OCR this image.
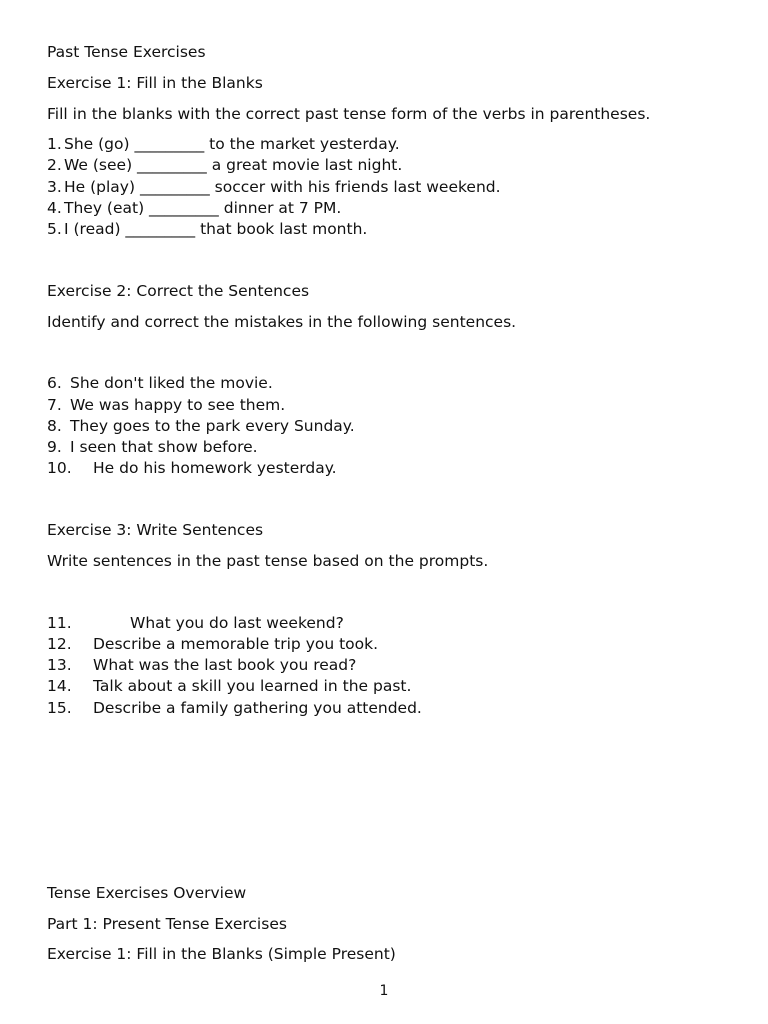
Past Tense Exercises
Exercise 1: Fill in the Blanks
Fill in the blanks with the correct past tense form of the verbs in parentheses.
1. She (go) _________ to the market yesterday.
2. We (see) _________ a great movie last night.
3. He (play) _________ soccer with his friends last weekend.
4. They (eat) _________ dinner at 7 PM.
5. I (read) _________ that book last month.
Exercise 2: Correct the Sentences
Identify and correct the mistakes in the following sentences.
6. She don't liked the movie.
7. We was happy to see them.
8. They goes to the park every Sunday.
9. I seen that show before.
10. He do his homework yesterday.
Exercise 3: Write Sentences
Write sentences in the past tense based on the prompts.
11.	What you do last weekend?
12. Describe a memorable trip you took.
13. What was the last book you read?
14. Talk about a skill you learned in the past.
15. Describe a family gathering you attended.
Tense Exercises Overview
Part 1: Present Tense Exercises
Exercise 1: Fill in the Blanks (Simple Present)
1
